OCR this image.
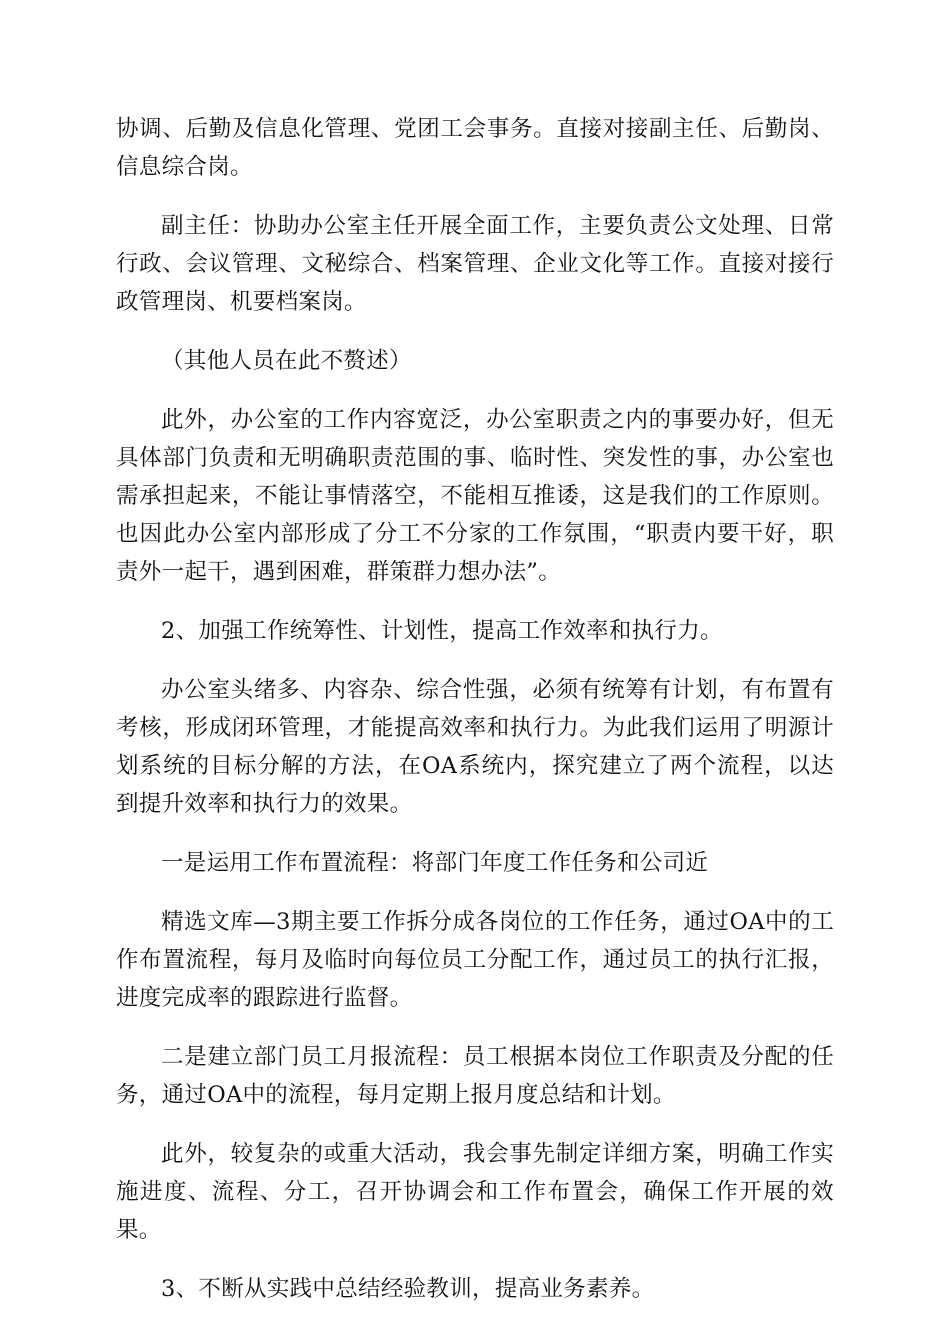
协调、后勤及信息化管理、党团工会事务。直接对接副主任、后勤岗、信息综合岗。

副主任：协助办公室主任开展全面工作，主要负责公文处理、日常行政、会议管理、文秘综合、档案管理、企业文化等工作。直接对接行政管理岗、机要档案岗。

（其他人员在此不赘述）

此外，办公室的工作内容宽泛，办公室职责之内的事要办好，但无具体部门负责和无明确职责范围的事、临时性、突发性的事，办公室也需承担起来，不能让事情落空，不能相互推诿，这是我们的工作原则。也因此办公室内部形成了分工不分家的工作氛围，“职责内要干好，职责外一起干，遇到困难，群策群力想办法”。

2、加强工作统筹性、计划性，提高工作效率和执行力。

办公室头绪多、内容杂、综合性强，必须有统筹有计划，有布置有考核，形成闭环管理，才能提高效率和执行力。为此我们运用了明源计划系统的目标分解的方法，在OA系统内，探究建立了两个流程，以达到提升效率和执行力的效果。

一是运用工作布置流程：将部门年度工作任务和公司近

精选文库—3期主要工作拆分成各岗位的工作任务，通过OA中的工作布置流程，每月及临时向每位员工分配工作，通过员工的执行汇报，进度完成率的跟踪进行监督。

二是建立部门员工月报流程：员工根据本岗位工作职责及分配的任务，通过OA中的流程，每月定期上报月度总结和计划。

此外，较复杂的或重大活动，我会事先制定详细方案，明确工作实施进度、流程、分工，召开协调会和工作布置会，确保工作开展的效果。

3、不断从实践中总结经验教训，提高业务素养。
